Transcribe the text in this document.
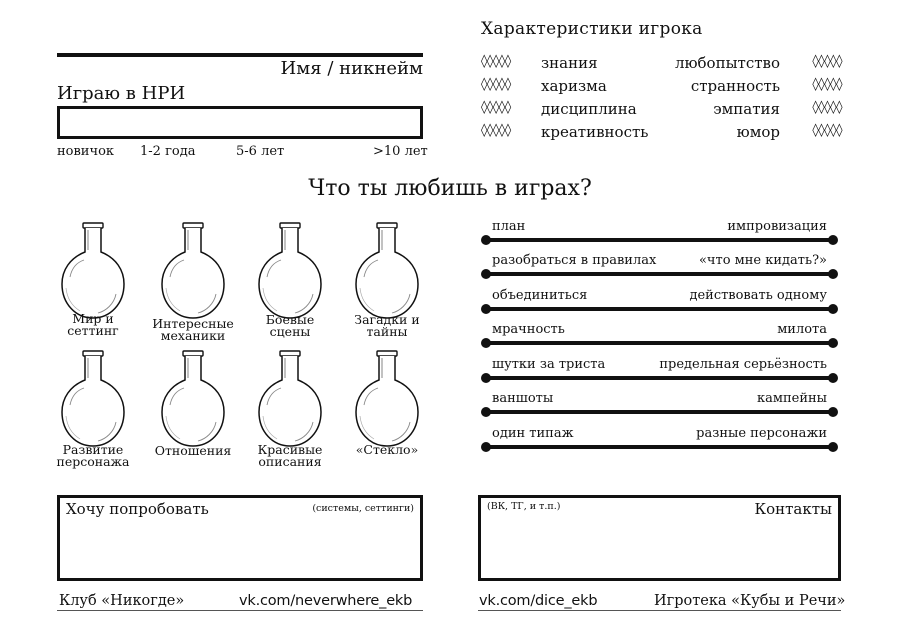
Имя / никнейм
Играю в НРИ
новичок 1-2 года	5-6 лет	>10 лет
Характеристики игрока
◊◊◊◊◊ знания	любопытство ◊◊◊◊◊
◊◊◊◊◊ харизма	странность ◊◊◊◊◊
◊◊◊◊◊ дисциплина	эмпатия ◊◊◊◊◊
◊◊◊◊◊ креативность	юмор ◊◊◊◊◊
Что ты любишь в играх?
Мир и
сеттинг	Интересные
механики
Боевые
сцены
Загадки и
тайны
Развитие
персонажа
Отношения	Красивые
описания
«Стекло»
план	импровизация
разобраться в правилах	«что мне кидать?»
объединиться	действовать одному
мрачность	милота
шутки за триста	предельная серьёзность
ваншоты	кампейны
один типаж	разные персонажи
Хочу попробовать	(системы, сеттинги)	(ВК, ТГ, и т.п.)	Контакты
Клуб «Никогде»	vk.com/neverwhere_ekb	vk.com/dice_ekb	Игротека «Кубы и Речи»
